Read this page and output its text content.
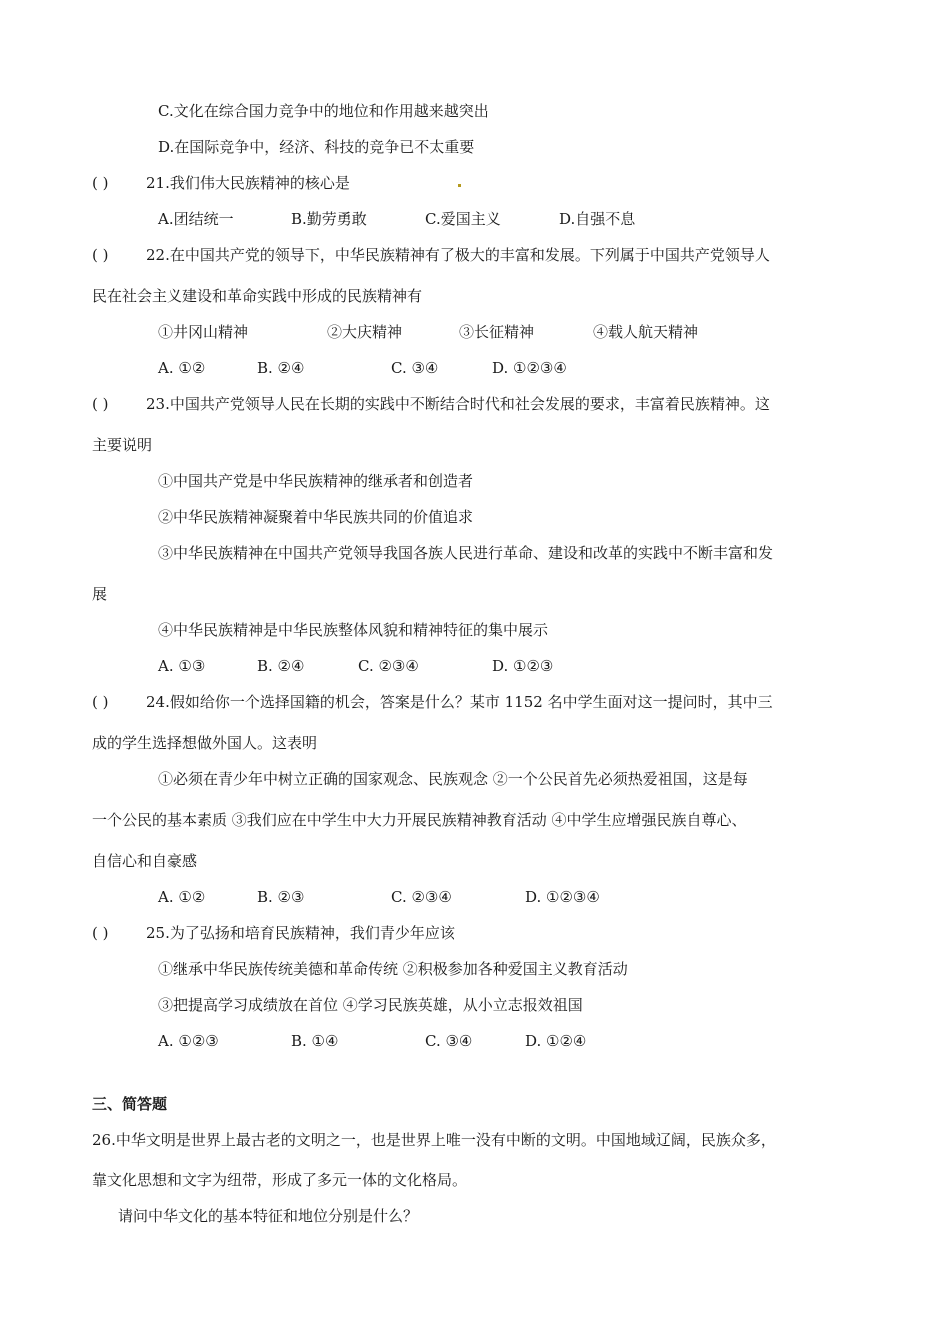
C.文化在综合国力竞争中的地位和作用越来越突出
D.在国际竞争中，经济、科技的竞争已不太重要
( )	21.我们伟大民族精神的核心是
A.团结统一	B.勤劳勇敢	C.爱国主义	D.自强不息
( )	22.在中国共产党的领导下，中华民族精神有了极大的丰富和发展。下列属于中国共产党领导人
民在社会主义建设和革命实践中形成的民族精神有
①井冈山精神	②大庆精神	③长征精神	④载人航天精神
A. ①②	B. ②④	C. ③④	D. ①②③④
( )	23.中国共产党领导人民在长期的实践中不断结合时代和社会发展的要求，丰富着民族精神。这
主要说明
①中国共产党是中华民族精神的继承者和创造者
②中华民族精神凝聚着中华民族共同的价值追求
③中华民族精神在中国共产党领导我国各族人民进行革命、建设和改革的实践中不断丰富和发
展
④中华民族精神是中华民族整体风貌和精神特征的集中展示
A. ①③	B. ②④	C. ②③④	D. ①②③
( )	24.假如给你一个选择国籍的机会，答案是什么？某市 1152 名中学生面对这一提问时，其中三
成的学生选择想做外国人。这表明
①必须在青少年中树立正确的国家观念、民族观念 ②一个公民首先必须热爱祖国，这是每
一个公民的基本素质 ③我们应在中学生中大力开展民族精神教育活动 ④中学生应增强民族自尊心、
自信心和自豪感
A. ①②	B. ②③	C. ②③④	D. ①②③④
( )	25.为了弘扬和培育民族精神，我们青少年应该
①继承中华民族传统美德和革命传统 ②积极参加各种爱国主义教育活动
③把提高学习成绩放在首位 ④学习民族英雄，从小立志报效祖国
A. ①②③	B. ①④	C. ③④	D. ①②④
三、简答题
26.中华文明是世界上最古老的文明之一，也是世界上唯一没有中断的文明。中国地域辽阔，民族众多，
靠文化思想和文字为纽带，形成了多元一体的文化格局。
请问中华文化的基本特征和地位分别是什么？
